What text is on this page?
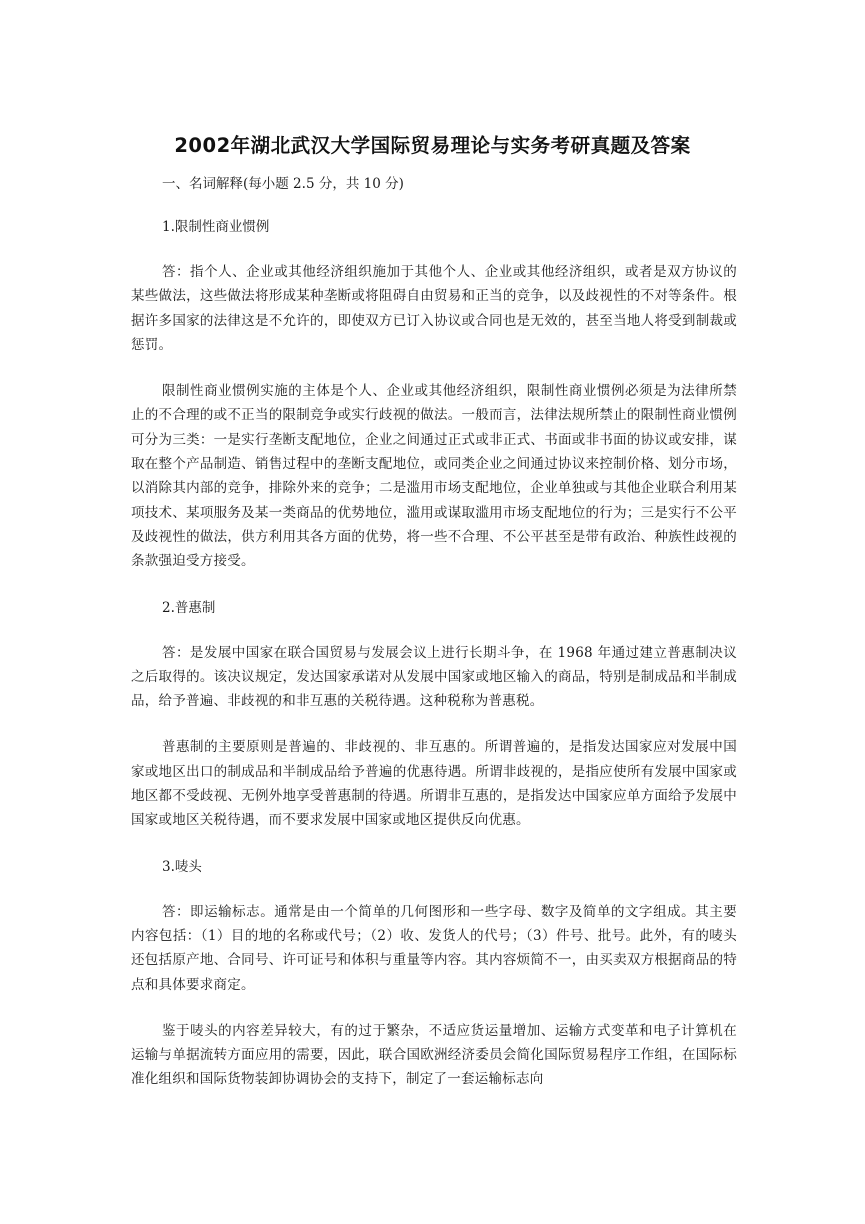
2002年湖北武汉大学国际贸易理论与实务考研真题及答案

一、名词解释(每小题 2.5 分，共 10 分)

1.限制性商业惯例

答：指个人、企业或其他经济组织施加于其他个人、企业或其他经济组织，或者是双方协议的某些做法，这些做法将形成某种垄断或将阻碍自由贸易和正当的竞争，以及歧视性的不对等条件。根据许多国家的法律这是不允许的，即使双方已订入协议或合同也是无效的，甚至当地人将受到制裁或惩罚。

限制性商业惯例实施的主体是个人、企业或其他经济组织，限制性商业惯例必须是为法律所禁止的不合理的或不正当的限制竞争或实行歧视的做法。一般而言，法律法规所禁止的限制性商业惯例可分为三类：一是实行垄断支配地位，企业之间通过正式或非正式、书面或非书面的协议或安排，谋取在整个产品制造、销售过程中的垄断支配地位，或同类企业之间通过协议来控制价格、划分市场，以消除其内部的竞争，排除外来的竞争；二是滥用市场支配地位，企业单独或与其他企业联合利用某项技术、某项服务及某一类商品的优势地位，滥用或谋取滥用市场支配地位的行为；三是实行不公平及歧视性的做法，供方利用其各方面的优势，将一些不合理、不公平甚至是带有政治、种族性歧视的条款强迫受方接受。

2.普惠制

答：是发展中国家在联合国贸易与发展会议上进行长期斗争，在 1968 年通过建立普惠制决议之后取得的。该决议规定，发达国家承诺对从发展中国家或地区输入的商品，特别是制成品和半制成品，给予普遍、非歧视的和非互惠的关税待遇。这种税称为普惠税。

普惠制的主要原则是普遍的、非歧视的、非互惠的。所谓普遍的，是指发达国家应对发展中国家或地区出口的制成品和半制成品给予普遍的优惠待遇。所谓非歧视的，是指应使所有发展中国家或地区都不受歧视、无例外地享受普惠制的待遇。所谓非互惠的，是指发达中国家应单方面给予发展中国家或地区关税待遇，而不要求发展中国家或地区提供反向优惠。

3.唛头

答：即运输标志。通常是由一个简单的几何图形和一些字母、数字及简单的文字组成。其主要内容包括：（1）目的地的名称或代号；（2）收、发货人的代号；（3）件号、批号。此外，有的唛头还包括原产地、合同号、许可证号和体积与重量等内容。其内容烦简不一，由买卖双方根据商品的特点和具体要求商定。

鉴于唛头的内容差异较大，有的过于繁杂，不适应货运量增加、运输方式变革和电子计算机在运输与单据流转方面应用的需要，因此，联合国欧洲经济委员会简化国际贸易程序工作组，在国际标准化组织和国际货物装卸协调协会的支持下，制定了一套运输标志向
